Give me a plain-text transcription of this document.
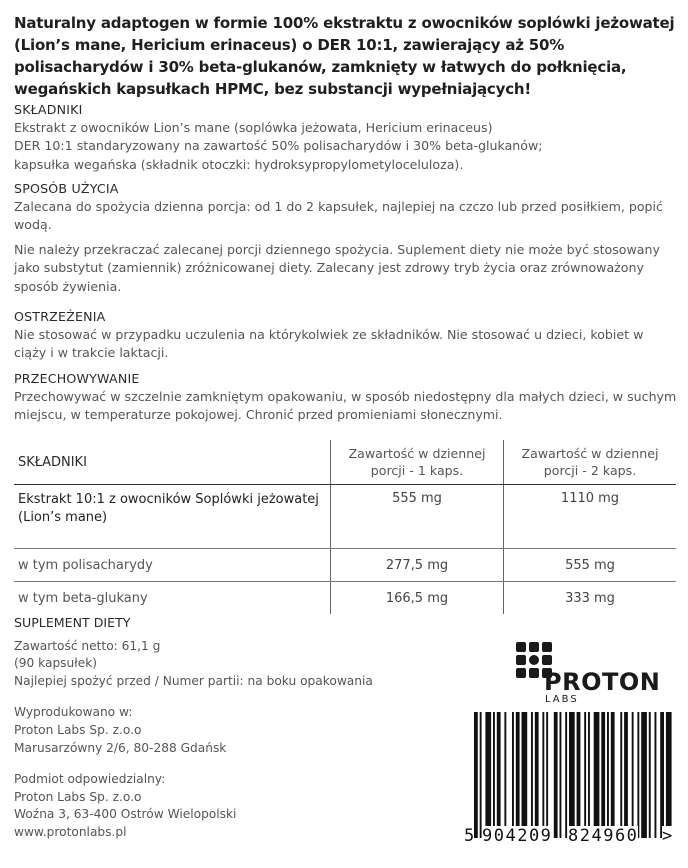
Naturalny adaptogen w formie 100% ekstraktu z owocników soplówki jeżowatej (Lion’s mane, Hericium erinaceus) o DER 10:1, zawierający aż 50% polisacharydów i 30% beta-glukanów, zamknięty w łatwych do połknięcia, wegańskich kapsułkach HPMC, bez substancji wypełniających!
SKŁADNIKI

Ekstrakt z owocników Lion’s mane (soplówka jeżowata, Hericium erinaceus)

DER 10:1 standaryzowany na zawartość 50% polisacharydów i 30% beta-glukanów;

kapsułka wegańska (składnik otoczki: hydroksypropylometyloceluloza).

SPOSÓB UŻYCIA

Zalecana do spożycia dzienna porcja: od 1 do 2 kapsułek, najlepiej na czczo lub przed posiłkiem, popić wodą.

Nie należy przekraczać zalecanej porcji dziennego spożycia. Suplement diety nie może być stosowany jako substytut (zamiennik) zróżnicowanej diety. Zalecany jest zdrowy tryb życia oraz zrównoważony sposób żywienia.

OSTRZEŻENIA

Nie stosować w przypadku uczulenia na którykolwiek ze składników. Nie stosować u dzieci, kobiet w ciąży i w trakcie laktacji.

PRZECHOWYWANIE

Przechowywać w szczelnie zamkniętym opakowaniu, w sposób niedostępny dla małych dzieci, w suchym miejscu, w temperaturze pokojowej. Chronić przed promieniami słonecznymi.

SKŁADNIKI	Zawartość w dziennej porcji - 1 kaps.	Zawartość w dziennej porcji - 2 kaps.
Ekstrakt 10:1 z owocników Soplówki jeżowatej (Lion’s mane)	555 mg	1110 mg
w tym polisacharydy	277,5 mg	555 mg
w tym beta-glukany	166,5 mg	333 mg
SUPLEMENT DIETY

Zawartość netto: 61,1 g

(90 kapsułek)

Najlepiej spożyć przed / Numer partii: na boku opakowania

Wyprodukowano w:

Proton Labs Sp. z.o.o

Marusarzówny 2/6, 80-288 Gdańsk

Podmiot odpowiedzialny:

Proton Labs Sp. z.o.o

Woźna 3, 63-400 Ostrów Wielopolski

www.protonlabs.pl

PROTON
LABS
5 904209 824960 >
